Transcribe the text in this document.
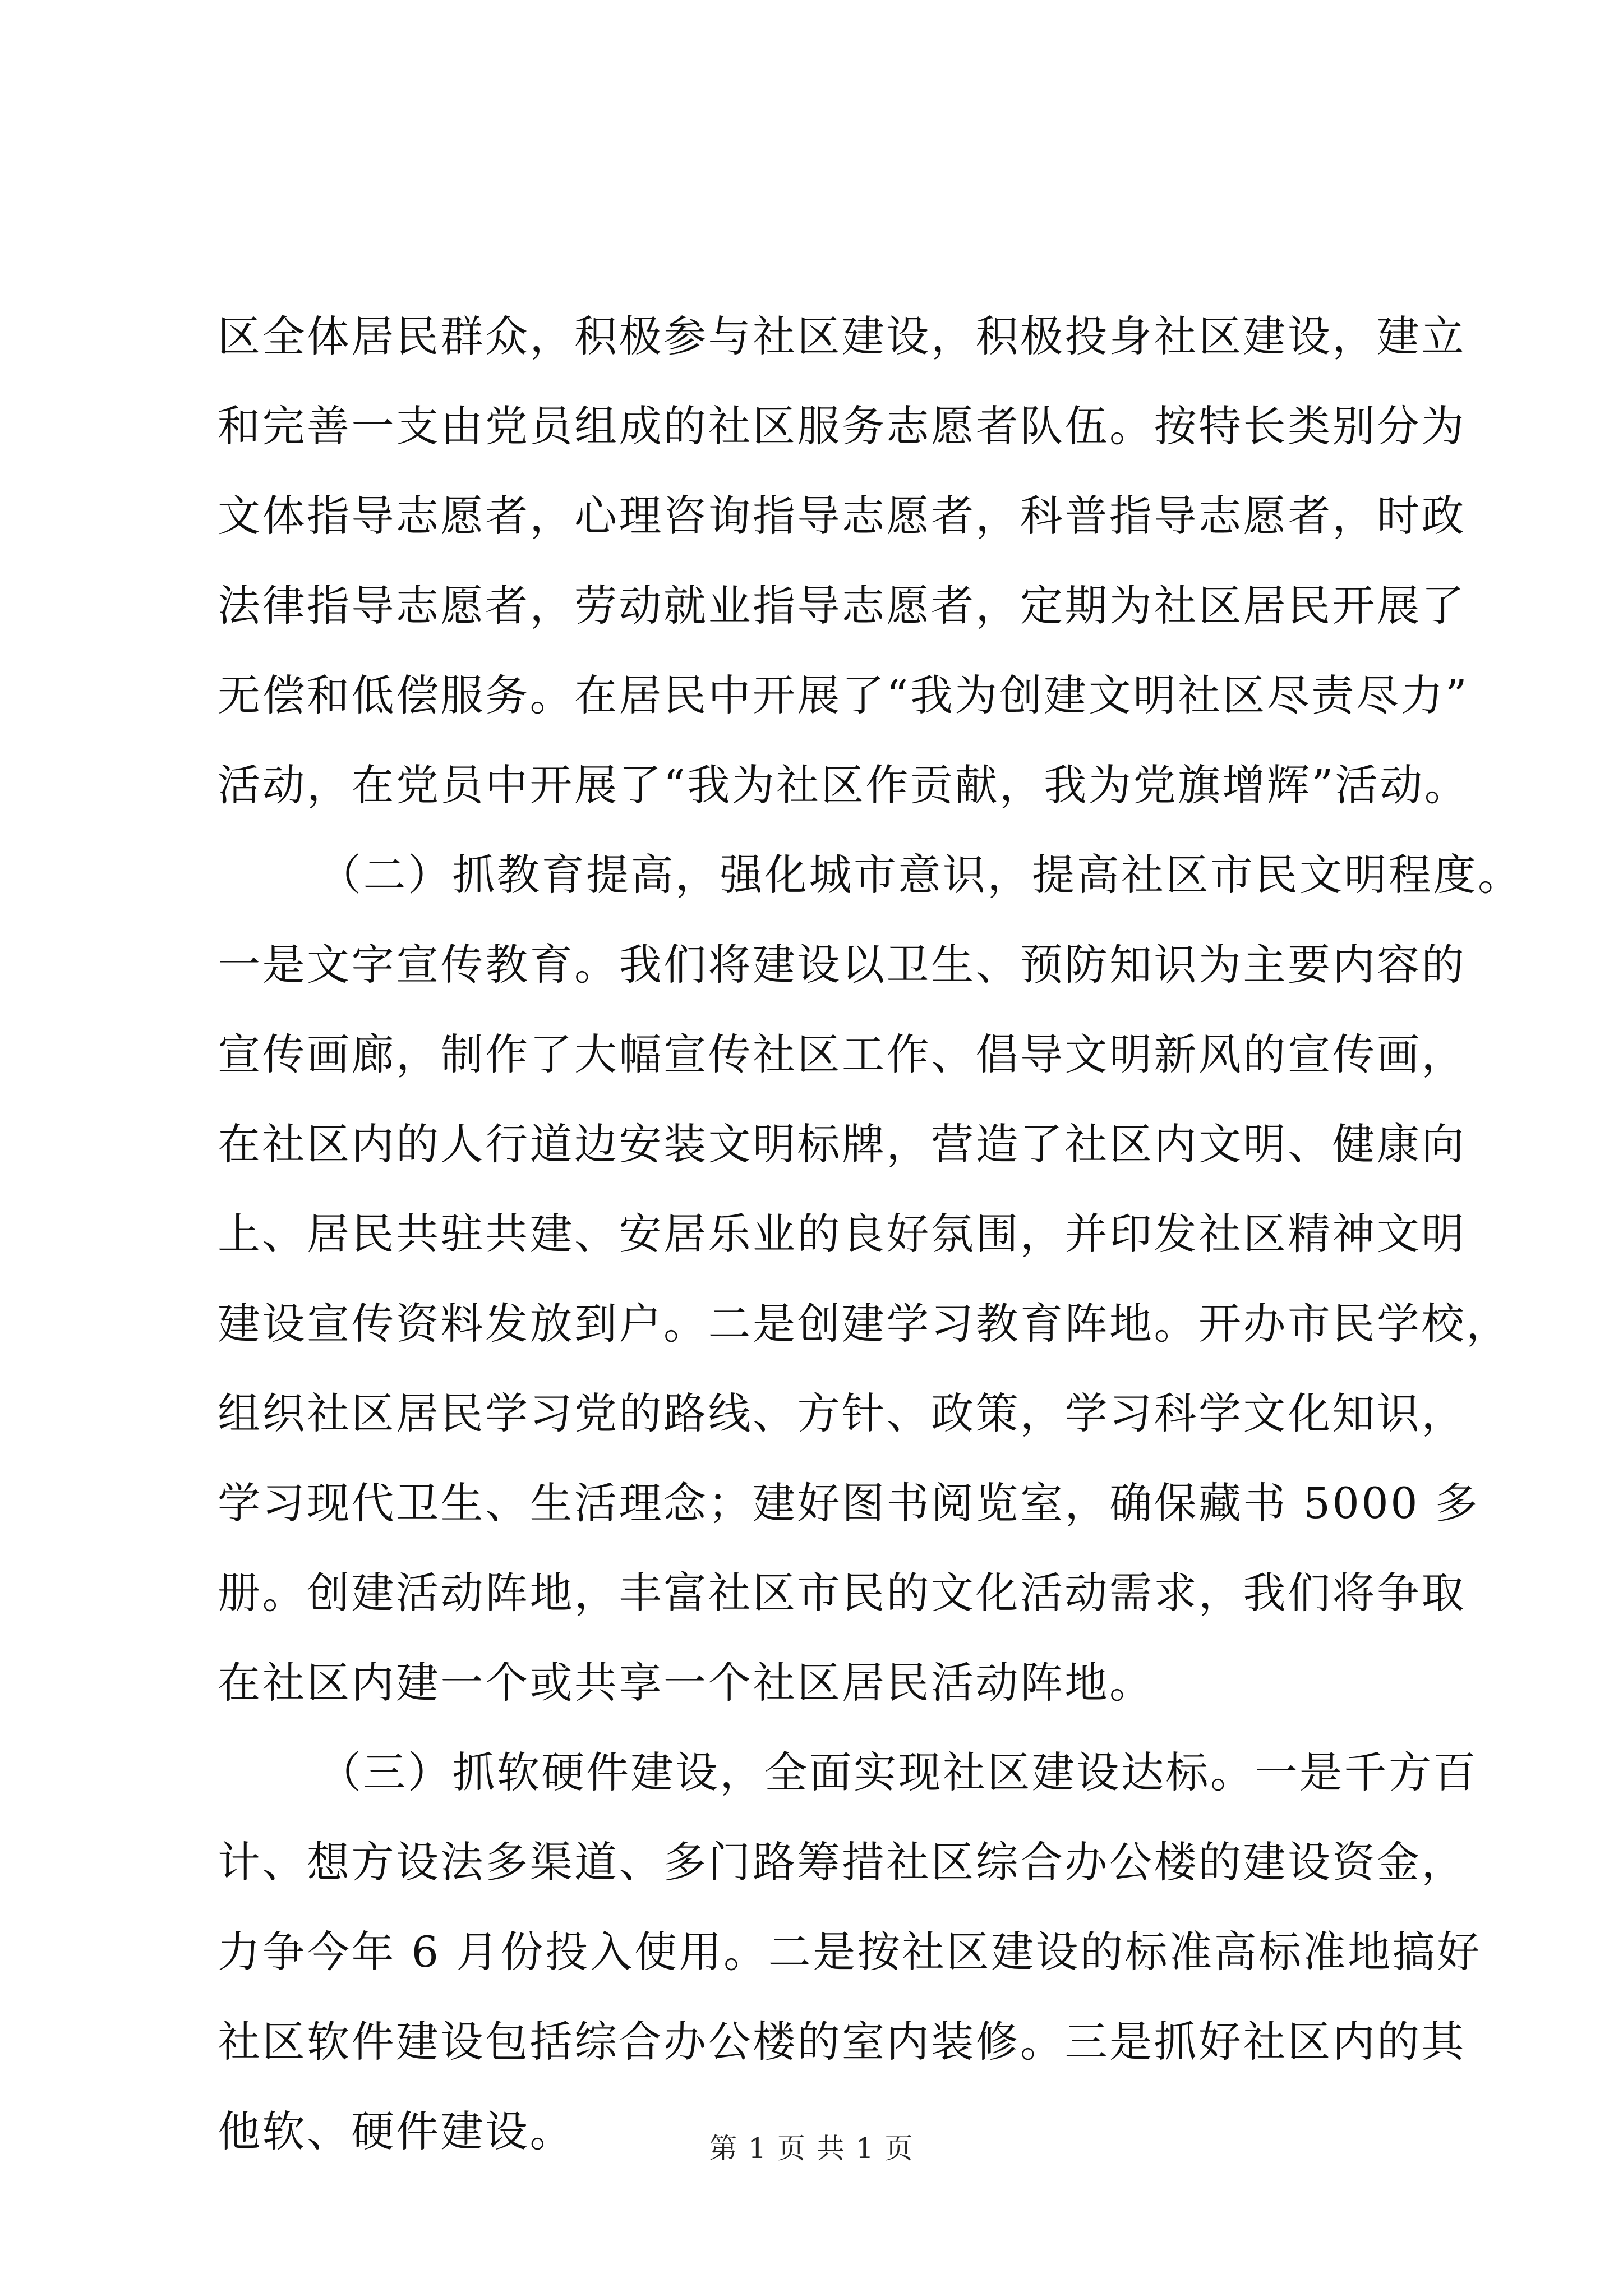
区全体居民群众，积极参与社区建设，积极投身社区建设，建立
和完善一支由党员组成的社区服务志愿者队伍。按特长类别分为
文体指导志愿者，心理咨询指导志愿者，科普指导志愿者，时政
法律指导志愿者，劳动就业指导志愿者，定期为社区居民开展了
无偿和低偿服务。在居民中开展了“我为创建文明社区尽责尽力”
活动，在党员中开展了“我为社区作贡献，我为党旗增辉”活动。
（二）抓教育提高，强化城市意识，提高社区市民文明程度。
一是文字宣传教育。我们将建设以卫生、预防知识为主要内容的
宣传画廊，制作了大幅宣传社区工作、倡导文明新风的宣传画，
在社区内的人行道边安装文明标牌，营造了社区内文明、健康向
上、居民共驻共建、安居乐业的良好氛围，并印发社区精神文明
建设宣传资料发放到户。二是创建学习教育阵地。开办市民学校，
组织社区居民学习党的路线、方针、政策，学习科学文化知识，
学习现代卫生、生活理念；建好图书阅览室，确保藏书 5000 多
册。创建活动阵地，丰富社区市民的文化活动需求，我们将争取
在社区内建一个或共享一个社区居民活动阵地。
（三）抓软硬件建设，全面实现社区建设达标。一是千方百
计、想方设法多渠道、多门路筹措社区综合办公楼的建设资金，
力争今年 6 月份投入使用。二是按社区建设的标准高标准地搞好
社区软件建设包括综合办公楼的室内装修。三是抓好社区内的其
他软、硬件建设。	第 1 页 共 1 页
